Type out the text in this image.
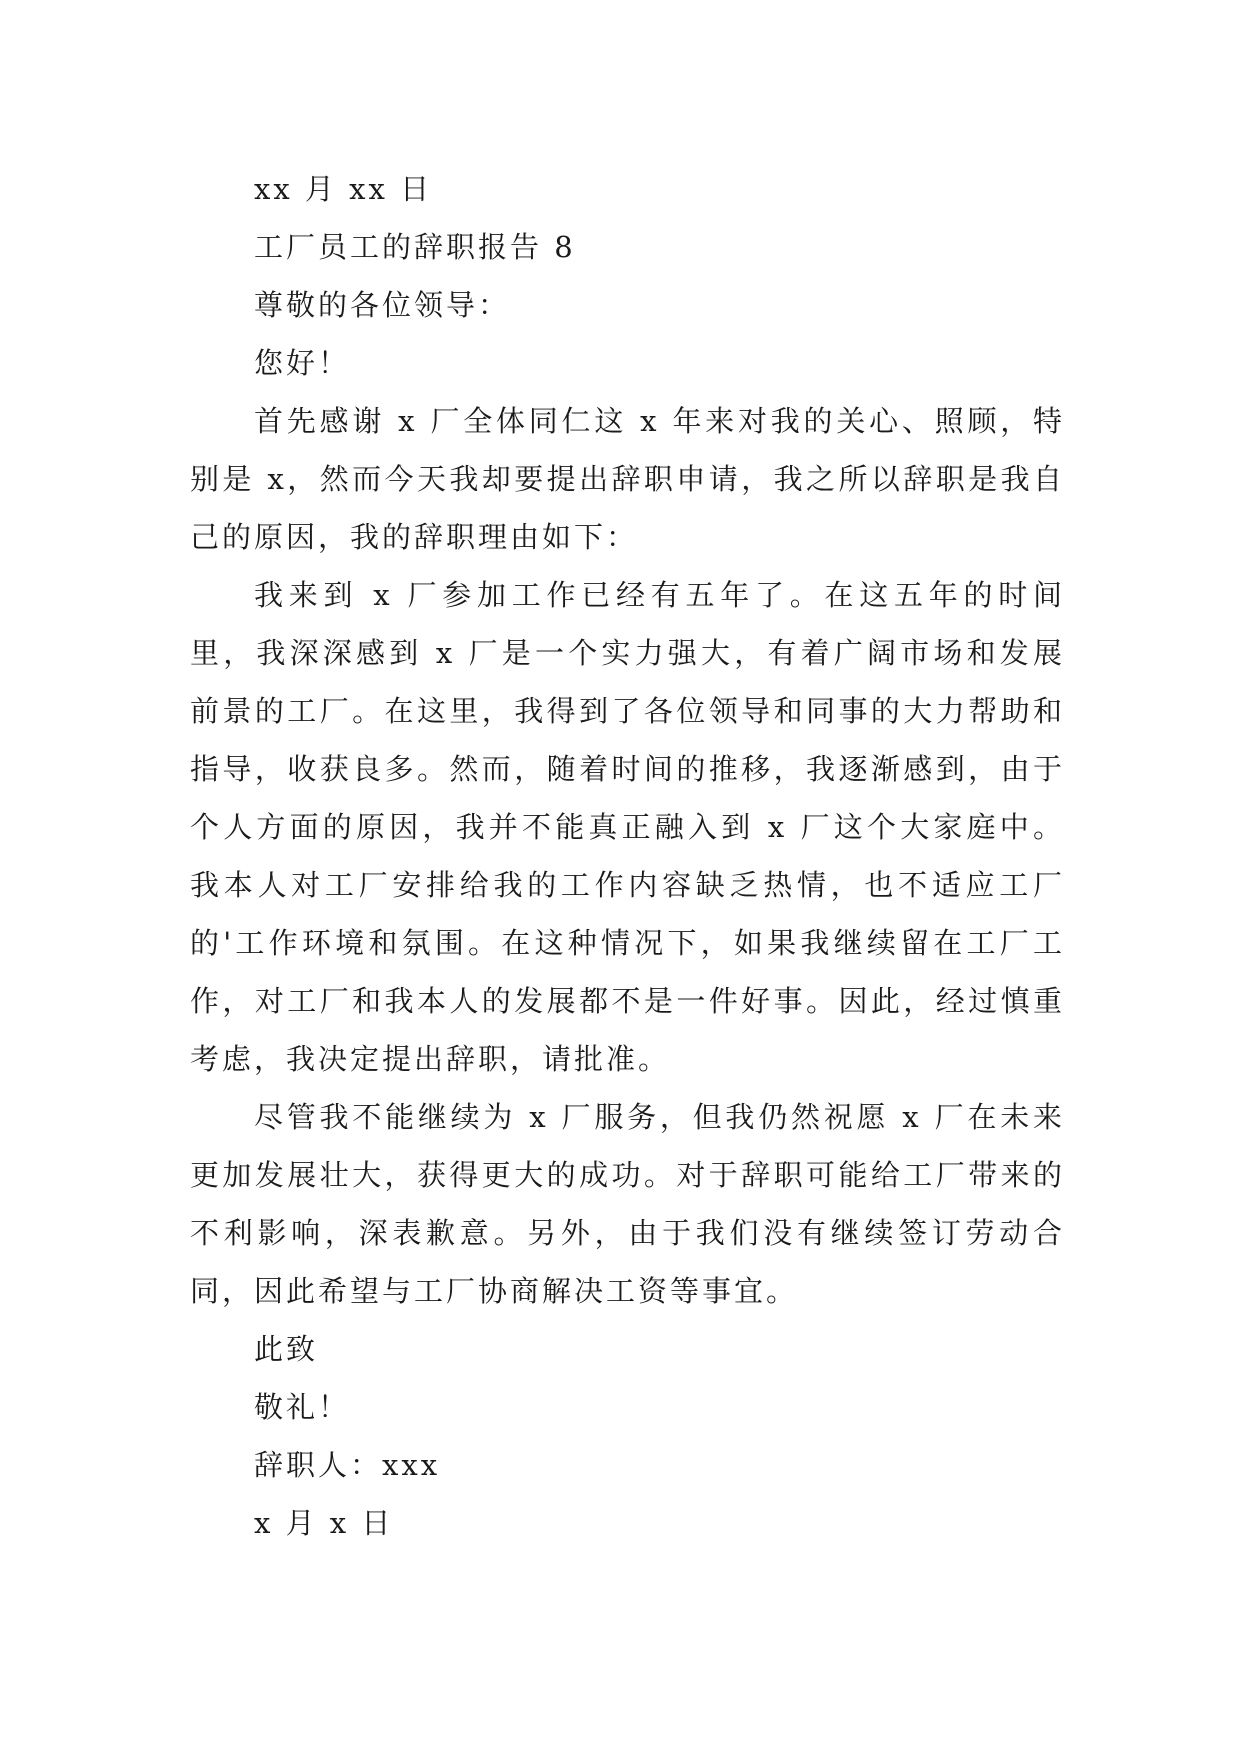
xx 月 xx 日

工厂员工的辞职报告 8

尊敬的各位领导：

您好！

首先感谢 x 厂全体同仁这 x 年来对我的关心、照顾，特别是 x，然而今天我却要提出辞职申请，我之所以辞职是我自己的原因，我的辞职理由如下：

我来到 x 厂参加工作已经有五年了。在这五年的时间里，我深深感到 x 厂是一个实力强大，有着广阔市场和发展前景的工厂。在这里，我得到了各位领导和同事的大力帮助和指导，收获良多。然而，随着时间的推移，我逐渐感到，由于个人方面的原因，我并不能真正融入到 x 厂这个大家庭中。我本人对工厂安排给我的工作内容缺乏热情，也不适应工厂的'工作环境和氛围。在这种情况下，如果我继续留在工厂工作，对工厂和我本人的发展都不是一件好事。因此，经过慎重考虑，我决定提出辞职，请批准。

尽管我不能继续为 x 厂服务，但我仍然祝愿 x 厂在未来更加发展壮大，获得更大的成功。对于辞职可能给工厂带来的不利影响，深表歉意。另外，由于我们没有继续签订劳动合同，因此希望与工厂协商解决工资等事宜。

此致

敬礼！

辞职人：xxx

x 月 x 日
